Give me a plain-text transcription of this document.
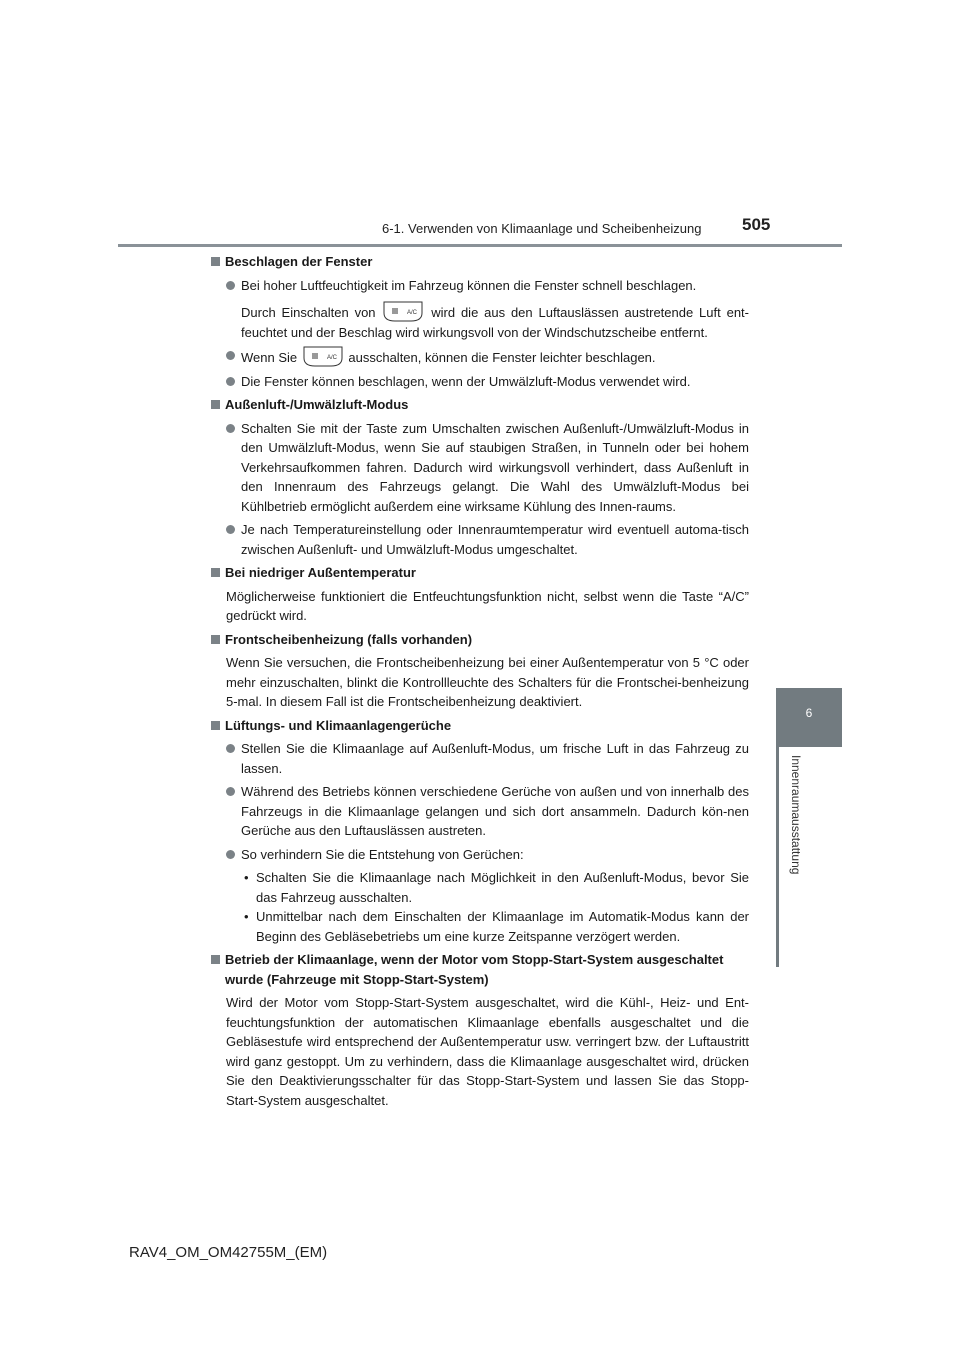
6-1. Verwenden von Klimaanlage und Scheibenheizung 505
6
Innenraumausstattung
Beschlagen der Fenster
Bei hoher Luftfeuchtigkeit im Fahrzeug können die Fenster schnell beschlagen.
Durch Einschalten von	A/C wird die aus den Luftauslässen austretende Luft ent-feuchtet und der Beschlag wird wirkungsvoll von der Windschutzscheibe entfernt.
Wenn Sie	A/C ausschalten, können die Fenster leichter beschlagen.
Die Fenster können beschlagen, wenn der Umwälzluft-Modus verwendet wird.
Außenluft-/Umwälzluft-Modus
Schalten Sie mit der Taste zum Umschalten zwischen Außenluft-/Umwälzluft-Modus in den Umwälzluft-Modus, wenn Sie auf staubigen Straßen, in Tunneln oder bei hohem Verkehrsaufkommen fahren. Dadurch wird wirkungsvoll verhindert, dass Außenluft in den Innenraum des Fahrzeugs gelangt. Die Wahl des Umwälzluft-Modus bei Kühlbetrieb ermöglicht außerdem eine wirksame Kühlung des Innen-raums.
Je nach Temperatureinstellung oder Innenraumtemperatur wird eventuell automa-tisch zwischen Außenluft- und Umwälzluft-Modus umgeschaltet.
Bei niedriger Außentemperatur
Möglicherweise funktioniert die Entfeuchtungsfunktion nicht, selbst wenn die Taste “A/C” gedrückt wird.
Frontscheibenheizung (falls vorhanden)
Wenn Sie versuchen, die Frontscheibenheizung bei einer Außentemperatur von 5 °C oder mehr einzuschalten, blinkt die Kontrollleuchte des Schalters für die Frontschei-benheizung 5-mal. In diesem Fall ist die Frontscheibenheizung deaktiviert.
Lüftungs- und Klimaanlagengerüche
Stellen Sie die Klimaanlage auf Außenluft-Modus, um frische Luft in das Fahrzeug zu lassen.
Während des Betriebs können verschiedene Gerüche von außen und von innerhalb des Fahrzeugs in die Klimaanlage gelangen und sich dort ansammeln. Dadurch kön-nen Gerüche aus den Luftauslässen austreten.
So verhindern Sie die Entstehung von Gerüchen:
• Schalten Sie die Klimaanlage nach Möglichkeit in den Außenluft-Modus, bevor Sie das Fahrzeug ausschalten.
• Unmittelbar nach dem Einschalten der Klimaanlage im Automatik-Modus kann der Beginn des Gebläsebetriebs um eine kurze Zeitspanne verzögert werden.
Betrieb der Klimaanlage, wenn der Motor vom Stopp-Start-System ausgeschaltet wurde (Fahrzeuge mit Stopp-Start-System)
Wird der Motor vom Stopp-Start-System ausgeschaltet, wird die Kühl-, Heiz- und Ent-feuchtungsfunktion der automatischen Klimaanlage ebenfalls ausgeschaltet und die Gebläsestufe wird entsprechend der Außentemperatur usw. verringert bzw. der Luftaustritt wird ganz gestoppt. Um zu verhindern, dass die Klimaanlage ausgeschaltet wird, drücken Sie den Deaktivierungsschalter für das Stopp-Start-System und lassen Sie das Stopp-Start-System ausgeschaltet.
RAV4_OM_OM42755M_(EM)
